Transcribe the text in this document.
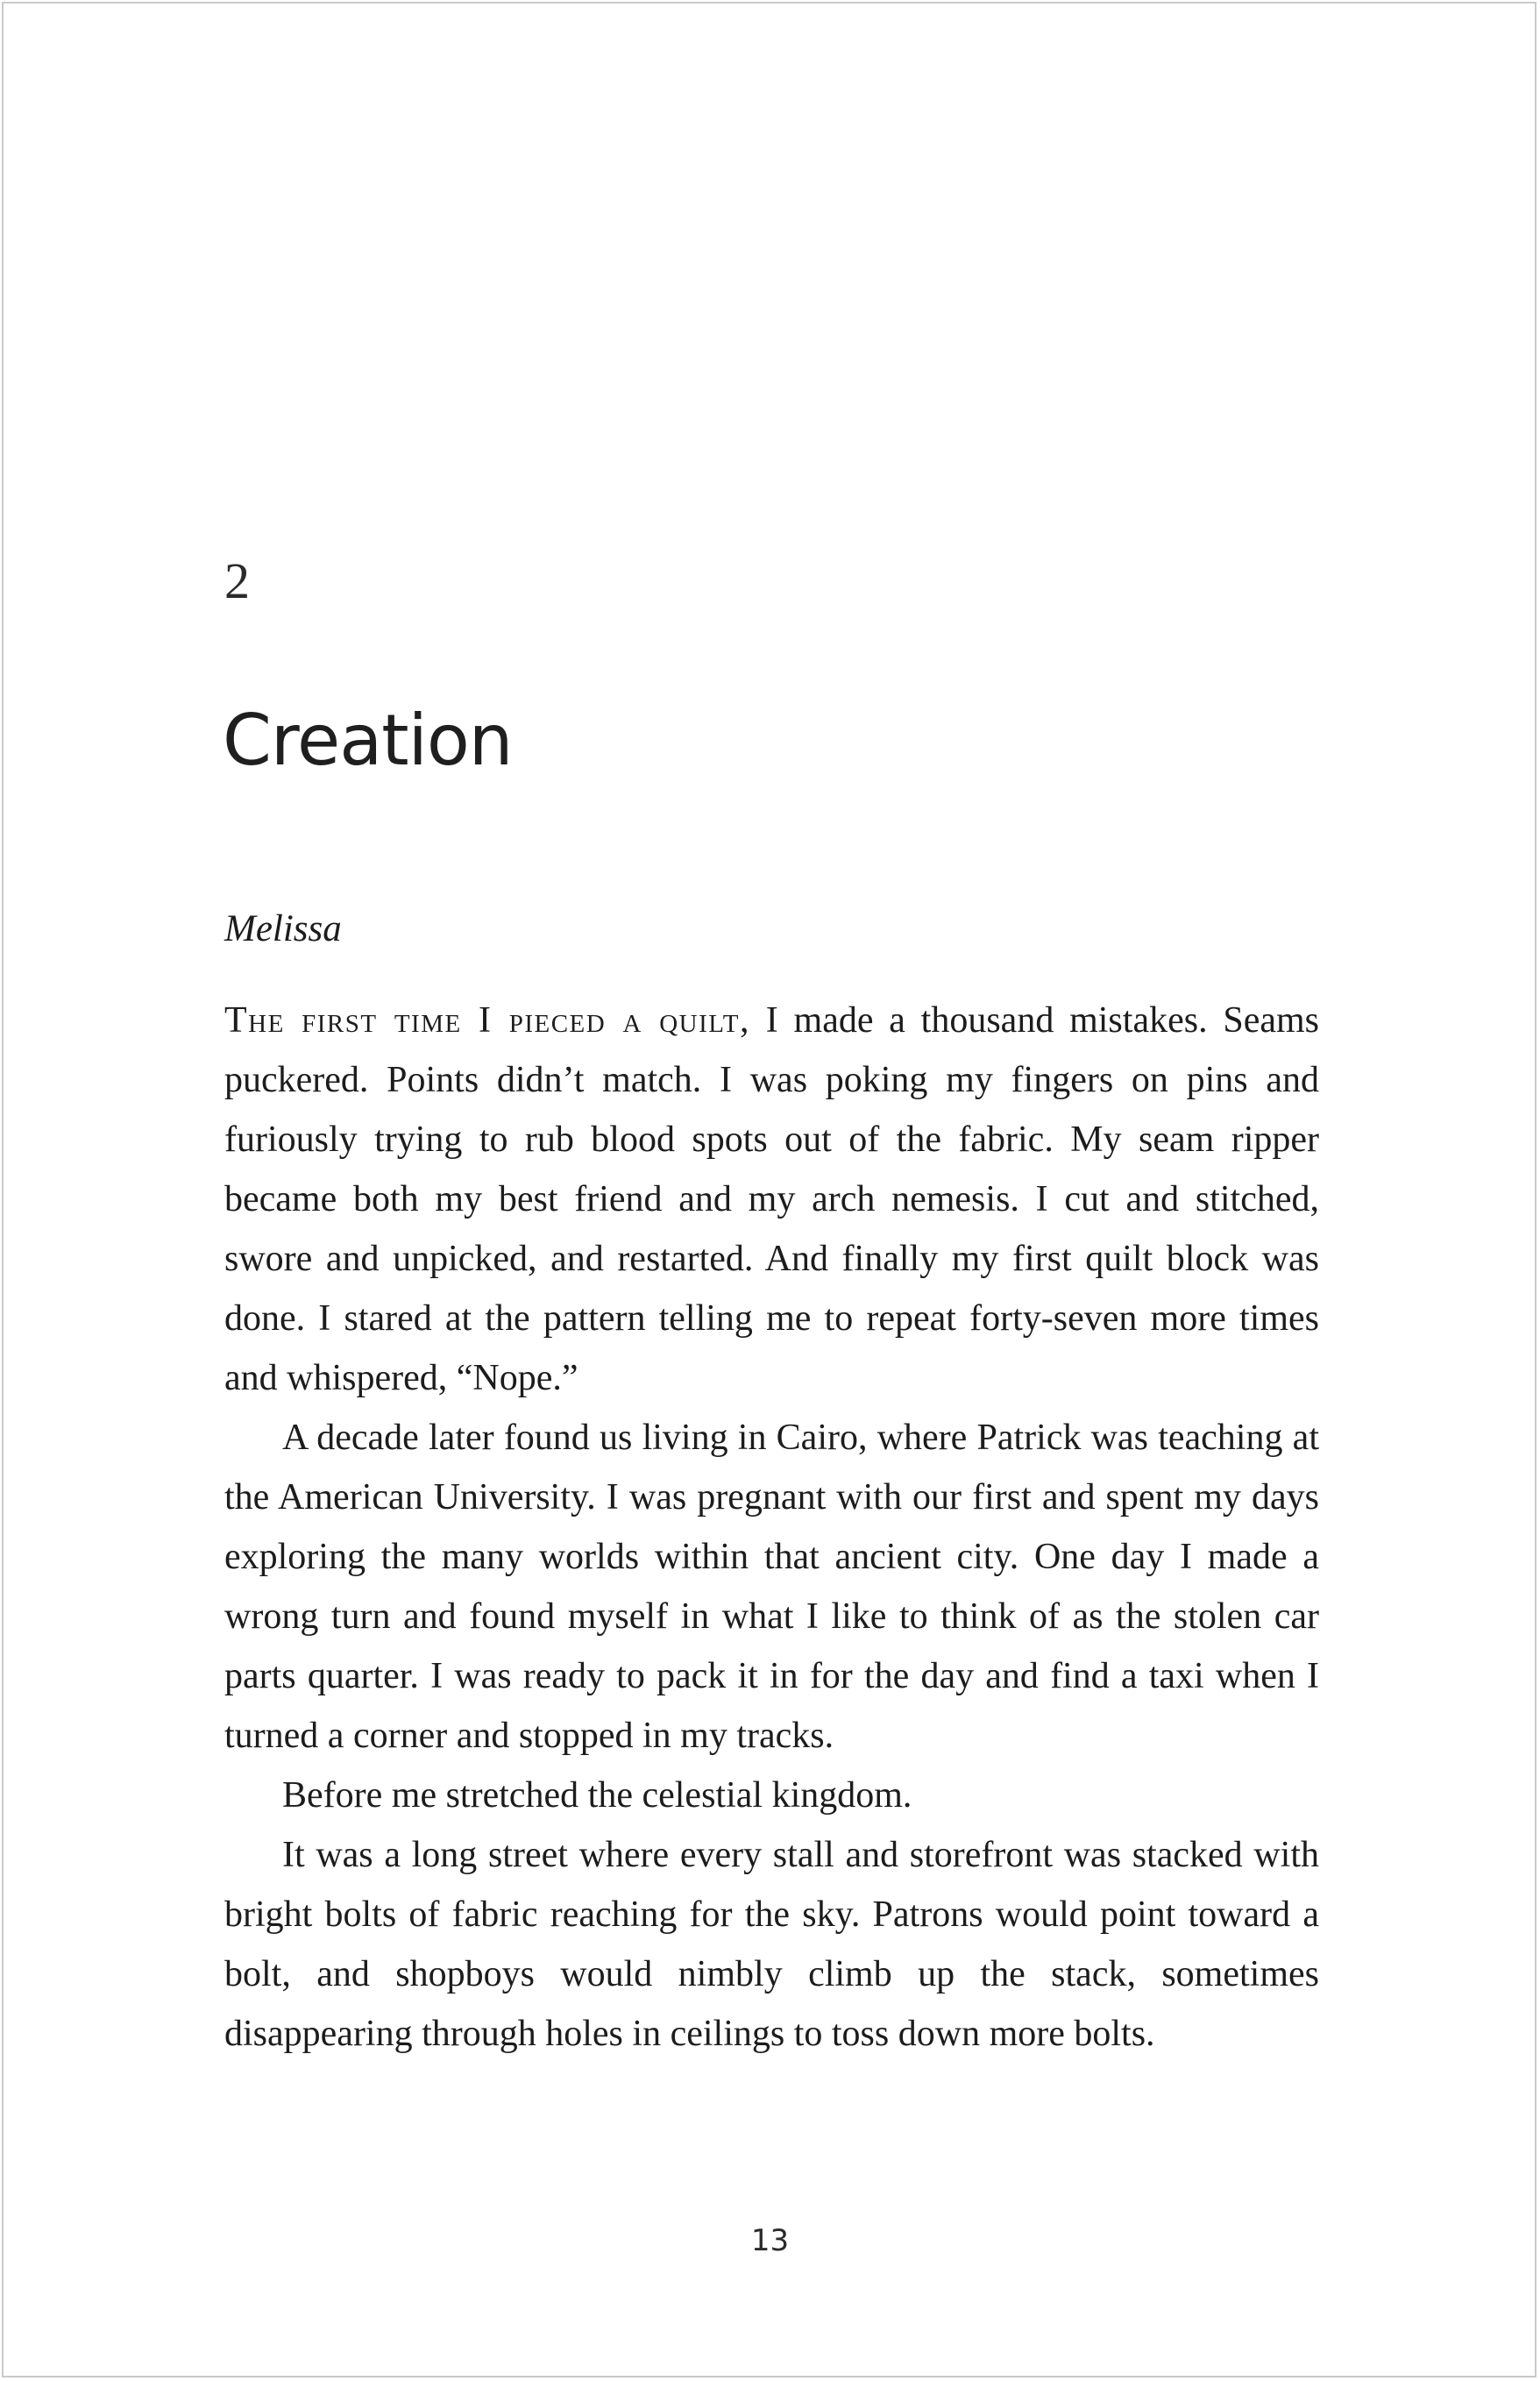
2
Creation
Melissa

The first time I pieced a quilt, I made a thousand mistakes. Seams puckered. Points didn’t match. I was poking my fingers on pins and furiously trying to rub blood spots out of the fabric. My seam ripper became both my best friend and my arch nemesis. I cut and stitched, swore and unpicked, and restarted. And finally my first quilt block was done. I stared at the pattern telling me to repeat forty-seven more times and whispered, “Nope.”

A decade later found us living in Cairo, where Patrick was teaching at the American University. I was pregnant with our first and spent my days exploring the many worlds within that ancient city. One day I made a wrong turn and found myself in what I like to think of as the stolen car parts quarter. I was ready to pack it in for the day and find a taxi when I turned a corner and stopped in my tracks.

Before me stretched the celestial kingdom.

It was a long street where every stall and storefront was stacked with bright bolts of fabric reaching for the sky. Patrons would point toward a bolt, and shopboys would nimbly climb up the stack, sometimes disappearing through holes in ceilings to toss down more bolts.

13
